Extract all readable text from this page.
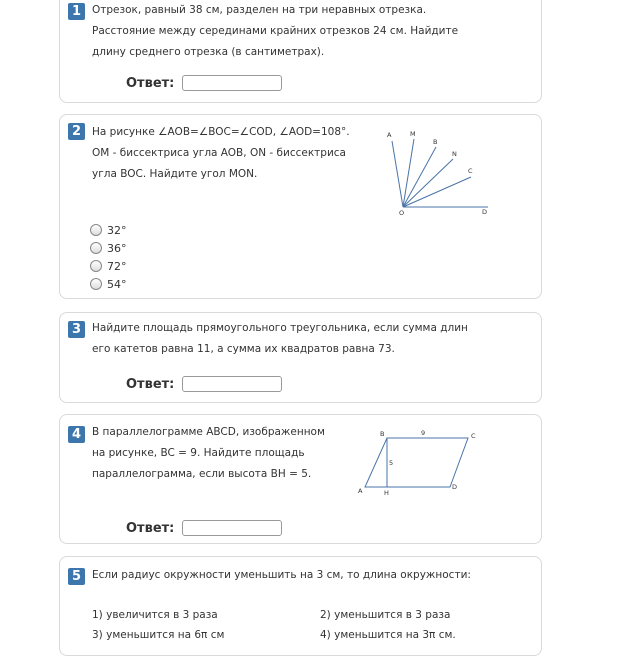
1	Отрезок, равный 38 см, разделен на три неравных отрезка.
Расстояние между серединами крайних отрезков 24 см. Найдите
длину среднего отрезка (в сантиметрах).
Ответ:
2	На рисунке ∠AOB=∠BOC=∠COD, ∠AOD=108°.
OM - биссектриса угла AOB, ON - биссектриса
угла BOC. Найдите угол MON.
A	M
B
N
C
O	D
32°
36°
72°
54°
3	Найдите площадь прямоугольного треугольника, если сумма длин
его катетов равна 11, а сумма их квадратов равна 73.
Ответ:
4	В параллелограмме ABCD, изображенном
на рисунке, BC = 9. Найдите площадь
параллелограмма, если высота BH = 5.
B	9	C
5
A	H
D
Ответ:
5	Если радиус окружности уменьшить на 3 см, то длина окружности:
1) увеличится в 3 раза	2) уменьшится в 3 раза
3) уменьшится на 6π см	4) уменьшится на 3π см.
